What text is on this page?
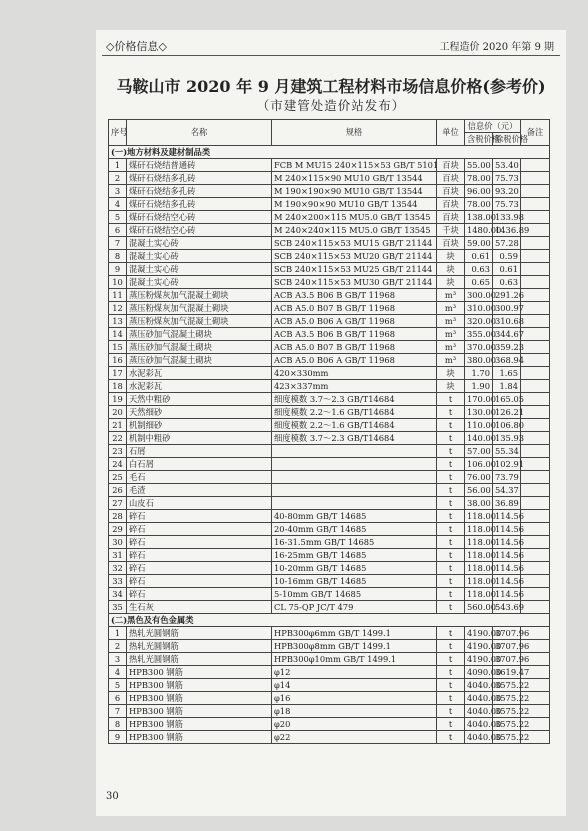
◇价格信息◇	工程造价 2020 年第 9 期
马鞍山市 2020 年 9 月建筑工程材料市场信息价格(参考价)
（市建管处造价站发布）
序号	名称	规格	单位	信息价（元）		备注
				含税价格	除税价格	
(一)地方材料及建材制品类						
1	煤矸石烧结普通砖	FCB M MU15 240×115×53 GB/T 5101	百块	55.00	53.40	
2	煤矸石烧结多孔砖	M 240×115×90 MU10 GB/T 13544	百块	78.00	75.73	
3	煤矸石烧结多孔砖	M 190×190×90 MU10 GB/T 13544	百块	96.00	93.20	
4	煤矸石烧结多孔砖	M 190×90×90 MU10 GB/T 13544	百块	78.00	75.73	
5	煤矸石烧结空心砖	M 240×200×115 MU5.0 GB/T 13545	百块	138.00	133.98	
6	煤矸石烧结空心砖	M 240×240×115 MU5.0 GB/T 13545	千块	1480.00	1436.89	
7	混凝土实心砖	SCB 240×115×53 MU15 GB/T 21144	百块	59.00	57.28	
8	混凝土实心砖	SCB 240×115×53 MU20 GB/T 21144	块	0.61	0.59	
9	混凝土实心砖	SCB 240×115×53 MU25 GB/T 21144	块	0.63	0.61	
10	混凝土实心砖	SCB 240×115×53 MU30 GB/T 21144	块	0.65	0.63	
11	蒸压粉煤灰加气混凝土砌块	ACB A3.5 B06 B GB/T 11968	m³	300.00	291.26	
12	蒸压粉煤灰加气混凝土砌块	ACB A5.0 B07 B GB/T 11968	m³	310.00	300.97	
13	蒸压粉煤灰加气混凝土砌块	ACB A5.0 B06 A GB/T 11968	m³	320.00	310.68	
14	蒸压砂加气混凝土砌块	ACB A3.5 B06 B GB/T 11968	m³	355.00	344.67	
15	蒸压砂加气混凝土砌块	ACB A5.0 B07 B GB/T 11968	m³	370.00	359.23	
16	蒸压砂加气混凝土砌块	ACB A5.0 B06 A GB/T 11968	m³	380.00	368.94	
17	水泥彩瓦	420×330mm	块	1.70	1.65	
18	水泥彩瓦	423×337mm	块	1.90	1.84	
19	天然中粗砂	细度模数 3.7～2.3 GB/T14684	t	170.00	165.05	
20	天然细砂	细度模数 2.2～1.6 GB/T14684	t	130.00	126.21	
21	机制细砂	细度模数 2.2～1.6 GB/T14684	t	110.00	106.80	
22	机制中粗砂	细度模数 3.7～2.3 GB/T14684	t	140.00	135.93	
23	石屑		t	57.00	55.34	
24	白石屑		t	106.00	102.91	
25	毛石		t	76.00	73.79	
26	毛渣		t	56.00	54.37	
27	山皮石		t	38.00	36.89	
28	碎石	40-80mm GB/T 14685	t	118.00	114.56	
29	碎石	20-40mm GB/T 14685	t	118.00	114.56	
30	碎石	16-31.5mm GB/T 14685	t	118.00	114.56	
31	碎石	16-25mm GB/T 14685	t	118.00	114.56	
32	碎石	10-20mm GB/T 14685	t	118.00	114.56	
33	碎石	10-16mm GB/T 14685	t	118.00	114.56	
34	碎石	5-10mm GB/T 14685	t	118.00	114.56	
35	生石灰	CL 75-QP JC/T 479	t	560.00	543.69	
(二)黑色及有色金属类						
1	热轧光圆钢筋	HPB300φ6mm GB/T 1499.1	t	4190.00	3707.96	
2	热轧光圆钢筋	HPB300φ8mm GB/T 1499.1	t	4190.00	3707.96	
3	热轧光圆钢筋	HPB300φ10mm GB/T 1499.1	t	4190.00	3707.96	
4	HPB300 钢筋	φ12	t	4090.00	3619.47	
5	HPB300 钢筋	φ14	t	4040.00	3575.22	
6	HPB300 钢筋	φ16	t	4040.00	3575.22	
7	HPB300 钢筋	φ18	t	4040.00	3575.22	
8	HPB300 钢筋	φ20	t	4040.00	3575.22	
9	HPB300 钢筋	φ22	t	4040.00	3575.22	
30
